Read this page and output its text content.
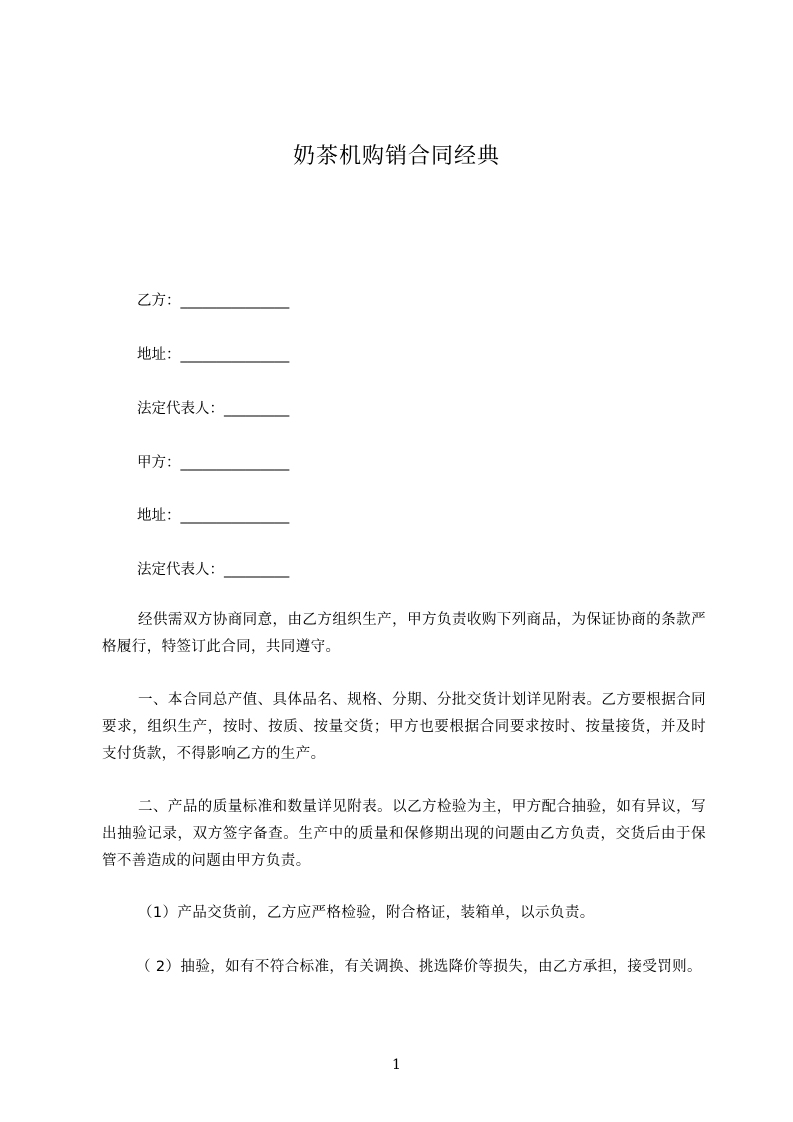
奶茶机购销合同经典
乙方：_______________
地址：_______________
法定代表人：_________
甲方：_______________
地址：_______________
法定代表人：_________
经供需双方协商同意，由乙方组织生产，甲方负责收购下列商品，为保证协商的条款严格履行，特签订此合同，共同遵守。
一、本合同总产值、具体品名、规格、分期、分批交货计划详见附表。乙方要根据合同要求，组织生产，按时、按质、按量交货；甲方也要根据合同要求按时、按量接货，并及时支付货款，不得影响乙方的生产。
二、产品的质量标准和数量详见附表。以乙方检验为主，甲方配合抽验，如有异议，写出抽验记录，双方签字备查。生产中的质量和保修期出现的问题由乙方负责，交货后由于保管不善造成的问题由甲方负责。
（1）产品交货前，乙方应严格检验，附合格证，装箱单，以示负责。
（ 2）抽验，如有不符合标准，有关调换、挑选降价等损失，由乙方承担，接受罚则。
1
